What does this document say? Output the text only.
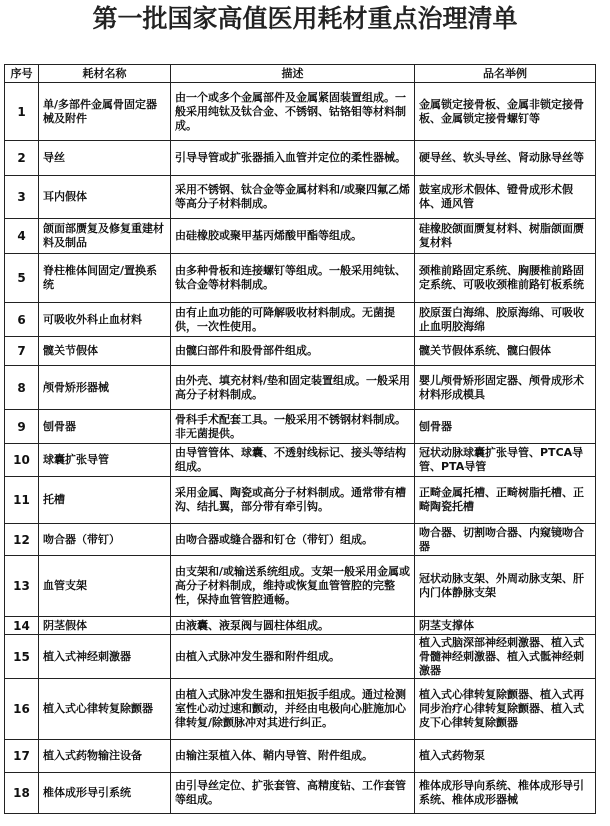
第一批国家高值医用耗材重点治理清单
序号	耗材名称	描述	品名举例
1	单/多部件金属骨固定器械及附件	由一个或多个金属部件及金属紧固装置组成。一般采用纯钛及钛合金、不锈钢、钴铬钼等材料制成。	金属锁定接骨板、金属非锁定接骨板、金属锁定接骨螺钉等
2	导丝	引导导管或扩张器插入血管并定位的柔性器械。	硬导丝、软头导丝、肾动脉导丝等
3	耳内假体	采用不锈钢、钛合金等金属材料和/或聚四氟乙烯等高分子材料制成。	鼓室成形术假体、镫骨成形术假体、通风管
4	颌面部赝复及修复重建材料及制品	由硅橡胶或聚甲基丙烯酸甲酯等组成。	硅橡胶颌面赝复材料、树脂颌面赝复材料
5	脊柱椎体间固定/置换系统	由多种骨板和连接螺钉等组成。一般采用纯钛、钛合金等材料制成。	颈椎前路固定系统、胸腰椎前路固定系统、可吸收颈椎前路钉板系统
6	可吸收外科止血材料	由有止血功能的可降解吸收材料制成。无菌提供，一次性使用。	胶原蛋白海绵、胶原海绵、可吸收止血明胶海绵
7	髋关节假体	由髋臼部件和股骨部件组成。	髋关节假体系统、髋臼假体
8	颅骨矫形器械	由外壳、填充材料/垫和固定装置组成。一般采用高分子材料制成。	婴儿颅骨矫形固定器、颅骨成形术材料形成模具
9	刨骨器	骨科手术配套工具。一般采用不锈钢材料制成。非无菌提供。	刨骨器
10	球囊扩张导管	由导管管体、球囊、不透射线标记、接头等结构组成。	冠状动脉球囊扩张导管、PTCA导管、PTA导管
11	托槽	采用金属、陶瓷或高分子材料制成。通常带有槽沟、结扎翼，部分带有牵引钩。	正畸金属托槽、正畸树脂托槽、正畸陶瓷托槽
12	吻合器（带钉）	由吻合器或缝合器和钉仓（带钉）组成。	吻合器、切割吻合器、内窥镜吻合器
13	血管支架	由支架和/或输送系统组成。支架一般采用金属或高分子材料制成，维持或恢复血管管腔的完整性，保持血管管腔通畅。	冠状动脉支架、外周动脉支架、肝内门体静脉支架
14	阴茎假体	由液囊、液泵阀与圆柱体组成。	阴茎支撑体
15	植入式神经刺激器	由植入式脉冲发生器和附件组成。	植入式脑深部神经刺激器、植入式骨髓神经刺激器、植入式骶神经刺激器
16	植入式心律转复除颤器	由植入式脉冲发生器和扭矩扳手组成。通过检测室性心动过速和颤动，并经由电极向心脏施加心律转复/除颤脉冲对其进行纠正。	植入式心律转复除颤器、植入式再同步治疗心律转复除颤器、植入式皮下心律转复除颤器
17	植入式药物输注设备	由输注泵植入体、鞘内导管、附件组成。	植入式药物泵
18	椎体成形导引系统	由引导丝定位、扩张套管、高精度钻、工作套管等组成。	椎体成形导向系统、椎体成形导引系统、椎体成形器械
